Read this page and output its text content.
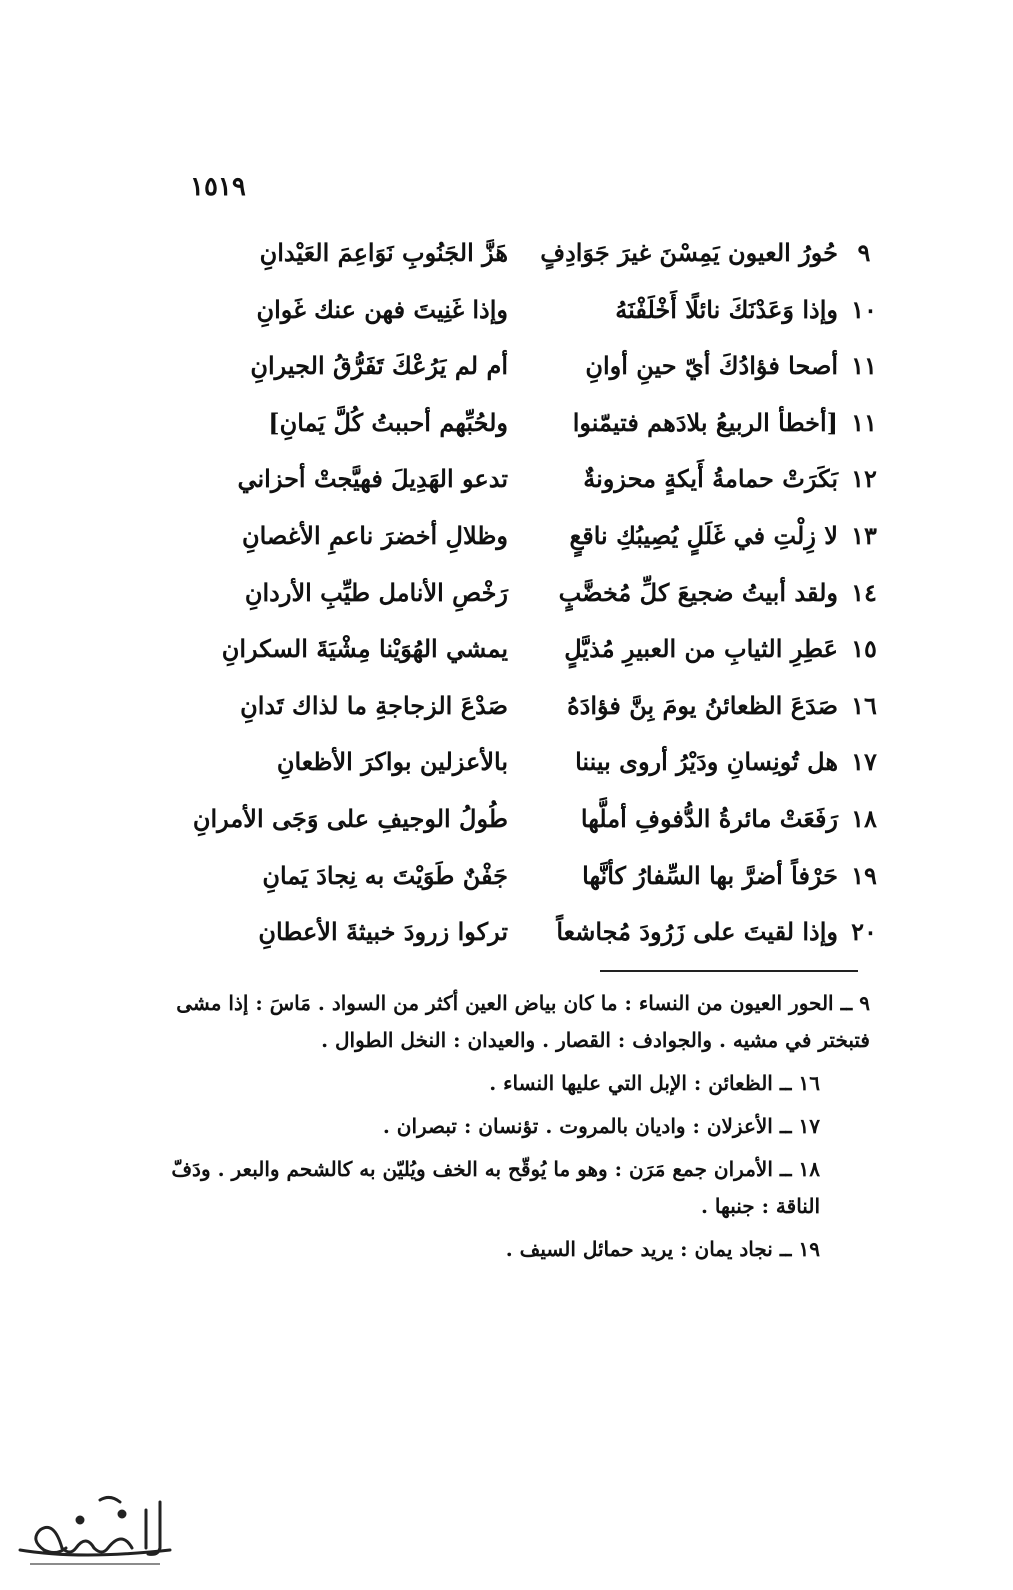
١٥١٩
٩
حُورُ العيون يَمِسْنَ غيرَ جَوَادِفٍ
هَزَّ الجَنُوبِ نَوَاعِمَ العَيْدانِ
١٠
وإذا وَعَدْنَكَ نائلًا أَخْلَفْنَهُ
وإذا غَنِيتَ فهن عنك غَوانِ
١١
أصحا فؤادُكَ أيّ حينِ أوانِ
أم لم يَرُعْكَ تَفَرُّقُ الجيرانِ
١١
[أخطأ الربيعُ بلادَهم فتيمّنوا
ولحُبِّهم أحببتُ كُلَّ يَمانِ]
١٢
بَكَرَتْ حمامةُ أَيكةٍ محزونةٌ
تدعو الهَدِيلَ فهيَّجتْ أحزاني
١٣
لا زِلْتِ في غَلَلٍ يُصِيبُكِ ناقعٍ
وظلالِ أخضرَ ناعمِ الأغصانِ
١٤
ولقد أبيتُ ضجيعَ كلِّ مُخضَّبٍ
رَخْصِ الأنامل طيِّبِ الأردانِ
١٥
عَطِرِ الثيابِ من العبيرِ مُذيَّلٍ
يمشي الهُوَيْنا مِشْيَةَ السكرانِ
١٦
صَدَعَ الظعائنُ يومَ بِنَّ فؤادَهُ
صَدْعَ الزجاجةِ ما لذاك تَدانِ
١٧
هل تُونِسانِ ودَيْرُ أروى بيننا
بالأعزلين بواكرَ الأظعانِ
١٨
رَفَعَتْ مائرةُ الدُّفوفِ أملَّها
طُولُ الوجيفِ على وَجَى الأمرانِ
١٩
حَرْفاً أضرَّ بها السِّفارُ كأنَّها
جَفْنٌ طَوَيْتَ به نِجادَ يَمانِ
٢٠
وإذا لقيتَ على زَرُودَ مُجاشعاً
تركوا زرودَ خبيثةَ الأعطانِ

٩ ــ الحور العيون من النساء : ما كان بياض العين أكثر من السواد . مَاسَ : إذا مشى فتبختر في مشيه . والجوادف : القصار . والعيدان : النخل الطوال .

١٦ ــ الظعائن : الإبل التي عليها النساء .

١٧ ــ الأعزلان : واديان بالمروت . تؤنسان : تبصران .

١٨ ــ الأمران جمع مَرَن : وهو ما يُوقّح به الخف ويُليّن به كالشحم والبعر . ودَفّ الناقة : جنبها .

١٩ ــ نجاد يمان : يريد حمائل السيف .
